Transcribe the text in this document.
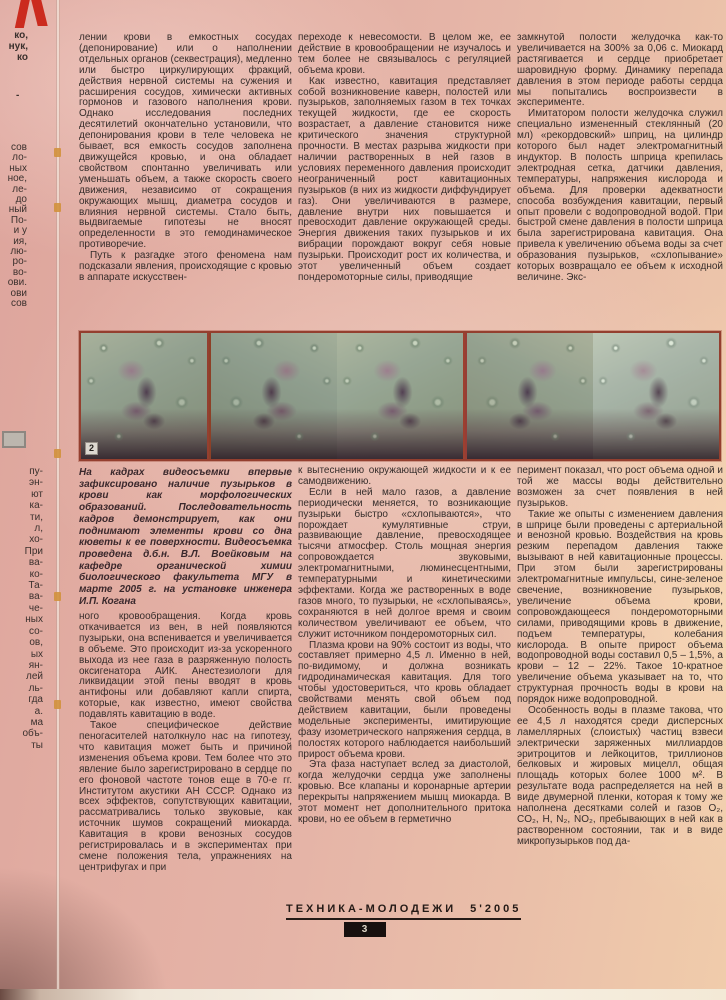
ко,
нук,
ко
-
сов
ло-
ных
ное,
ле-
до
ный
По-
и у
ия,
лю-
ро-
во-
ови.
ови
сов
пу-
эн-
ют
ка-
ти,
л,
хо-
При
ва-
ко-
Та-
ва-
че-
ных
со-
ов,
ых
ян-
лей
ль-
гда
а.
ма
объ-
ты

лении крови в емкостных сосудах (депонирование) или о наполнении отдельных органов (секвестрация), медленно или быстро циркулирующих фракций, действия нервной системы на сужения и расширения сосудов, химически активных гормонов и газового наполнения крови. Однако исследования последних десятилетий окончательно установили, что депонирования крови в теле человека не бывает, вся емкость сосудов заполнена движущейся кровью, и она обладает свойством спонтанно увеличивать или уменьшать объем, а также скорость своего движения, независимо от сокращения окружающих мышц, диаметра сосудов и влияния нервной системы. Стало быть, выдвигаемые гипотезы не вносят определенности в это гемодинамическое противоречие.

Путь к разгадке этого феномена нам подсказали явления, происходящие с кровью в аппарате искусствен-

переходе к невесомости. В целом же, ее действие в кровообращении не изучалось и тем более не связывалось с регуляцией объема крови.

Как известно, кавитация представляет собой возникновение каверн, полостей или пузырьков, заполняемых газом в тех точках текущей жидкости, где ее скорость возрастает, а давление становится ниже критического значения структурной прочности. В местах разрыва жидкости при наличии растворенных в ней газов в условиях переменного давления происходит неограниченный рост кавитационных пузырьков (в них из жидкости диффундирует газ). Они увеличиваются в размере, давление внутри них повышается и превосходит давление окружающей среды. Энергия движения таких пузырьков и их вибрации порождают вокруг себя новые пузырьки. Происходит рост их количества, и этот увеличенный объем создает пондеромоторные силы, приводящие

замкнутой полости желудочка как-то увеличивается на 300% за 0,06 с. Миокард растягивается и сердце приобретает шаровидную форму. Динамику перепада давления в этом периоде работы сердца мы попытались воспроизвести в эксперименте.

Имитатором полости желудочка служил специально измененный стеклянный (20 мл) «рекордовский» шприц, на цилиндр которого был надет электромагнитный индуктор. В полость шприца крепилась электродная сетка, датчики давления, температуры, напряжения кислорода и объема. Для проверки адекватности способа возбуждения кавитации, первый опыт провели с водопроводной водой. При быстрой смене давления в полости шприца была зарегистрирована кавитация. Она привела к увеличению объема воды за счет образования пузырьков, «схлопывание» которых возвращало ее объем к исходной величине. Экс-

2
На кадрах видеосъемки впервые зафиксировано наличие пузырьков в крови как морфологических образований. Последовательность кадров демонстрирует, как они поднимают элементы крови со дна кюветы к ее поверхности. Видеосъемка проведена д.б.н. В.Л. Воейковым на кафедре органической химии биологического факультета МГУ в марте 2005 г. на установке инженера И.П. Когана

ного кровообращения. Когда кровь откачивается из вен, в ней появляются пузырьки, она вспенивается и увеличивается в объеме. Это происходит из-за ускоренного выхода из нее газа в разряженную полость оксигенатора АИК. Анестезиологи для ликвидации этой пены вводят в кровь антифоны или добавляют капли спирта, которые, как известно, имеют свойства подавлять кавитацию в воде.

Такое специфическое действие пеногасителей натолкнуло нас на гипотезу, что кавитация может быть и причиной изменения объема крови. Тем более что это явление было зарегистрировано в сердце по его фоновой частоте тонов еще в 70-е гг. Институтом акустики АН СССР. Однако из всех эффектов, сопутствующих кавитации, рассматривались только звуковые, как источник шумов сокращений миокарда. Кавитация в крови венозных сосудов регистрировалась и в экспериментах при смене положения тела, упражнениях на центрифугах и при

к вытеснению окружающей жидкости и к ее самодвижению.

Если в ней мало газов, а давление периодически меняется, то возникающие пузырьки быстро «схлопываются», что порождает кумулятивные струи, развивающие давление, превосходящее тысячи атмосфер. Столь мощная энергия сопровождается звуковыми, электромагнитными, люминесцентными, температурными и кинетическими эффектами. Когда же растворенных в воде газов много, то пузырьки, не «схлопываясь», сохраняются в ней долгое время и своим количеством увеличивают ее объем, что служит источником пондеромоторных сил.

Плазма крови на 90% состоит из воды, что составляет примерно 4,5 л. Именно в ней, по-видимому, и должна возникать гидродинамическая кавитация. Для того чтобы удостовериться, что кровь обладает свойствами менять свой объем под действием кавитации, были проведены модельные эксперименты, имитирующие фазу изометрического напряжения сердца, в полостях которого наблюдается наибольший прирост объема крови.

Эта фаза наступает вслед за диастолой, когда желудочки сердца уже заполнены кровью. Все клапаны и коронарные артерии перекрыты напряжением мышц миокарда. В этот момент нет дополнительного притока крови, но ее объем в герметично

перимент показал, что рост объема одной и той же массы воды действительно возможен за счет появления в ней пузырьков.

Такие же опыты с изменением давления в шприце были проведены с артериальной и венозной кровью. Воздействия на кровь резким перепадом давления также вызывают в ней кавитационные процессы. При этом были зарегистрированы электромагнитные импульсы, сине-зеленое свечение, возникновение пузырьков, увеличение объема крови, сопровождающееся пондеромоторными силами, приводящими кровь в движение, подъем температуры, колебания кислорода. В опыте прирост объема водопроводной воды составил 0,5 – 1,5%, а крови – 12 – 22%. Такое 10-кратное увеличение объема указывает на то, что структурная прочность воды в крови на порядок ниже водопроводной.

Особенность воды в плазме такова, что ее 4,5 л находятся среди дисперсных ламеллярных (слоистых) частиц взвеси электрически заряженных миллиардов эритроцитов и лейкоцитов, триллионов белковых и жировых мицелл, общая площадь которых более 1000 м². В результате вода распределяется на ней в виде двумерной пленки, которая к тому же наполнена десятками солей и газов O₂, CO₂, H, N₂, NO₂, пребывающих в ней как в растворенном состоянии, так и в виде микропузырьков под да-

ТЕХНИКА-МОЛОДЕЖИ 5'2005
3
